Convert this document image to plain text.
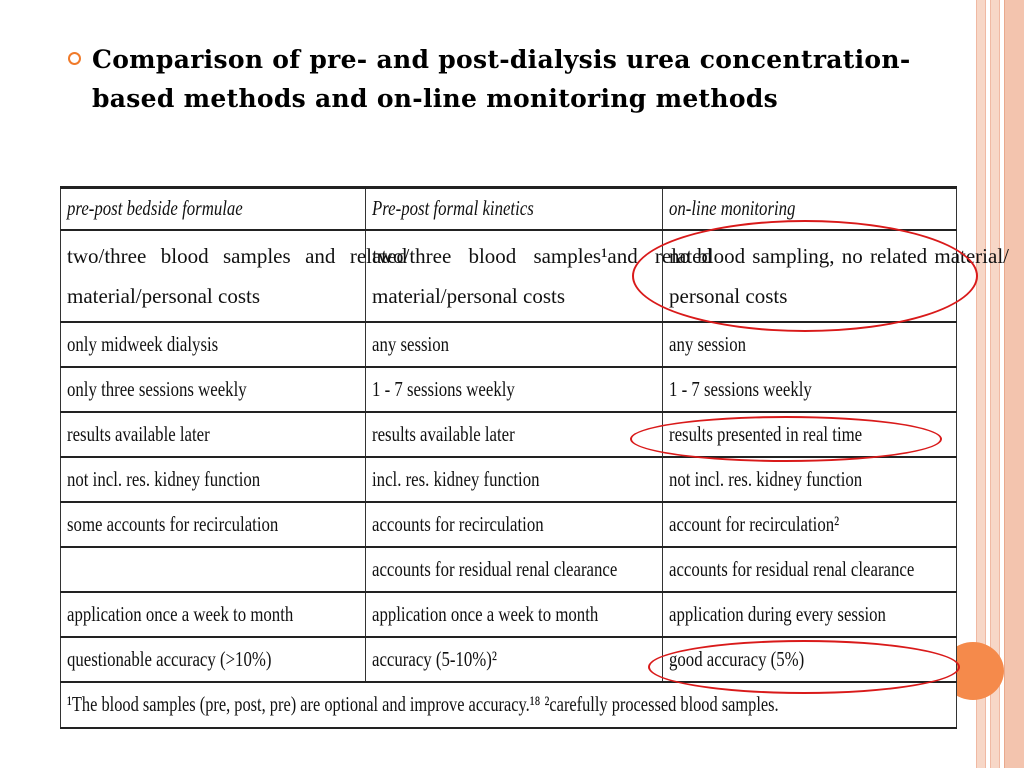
Comparison of pre- and post-dialysis urea concentration-based methods and on-line monitoring methods
pre-post bedside formulae	Pre-post formal kinetics	on-line monitoring
two/three blood samples and related material/personal costs	two/three blood samples¹and related material/personal costs	no blood sampling, no related material/ personal costs
only midweek dialysis	any session	any session
only three sessions weekly	1 - 7 sessions weekly	1 - 7 sessions weekly
results available later	results available later	results presented in real time
not incl. res. kidney function	incl. res. kidney function	not incl. res. kidney function
some accounts for recirculation	accounts for recirculation	account for recirculation²
	accounts for residual renal clearance	accounts for residual renal clearance
application once a week to month	application once a week to month	application during every session
questionable accuracy (>10%)	accuracy (5-10%)²	good accuracy (5%)
¹The blood samples (pre, post, pre) are optional and improve accuracy.¹⁸ ²carefully processed blood samples.		
